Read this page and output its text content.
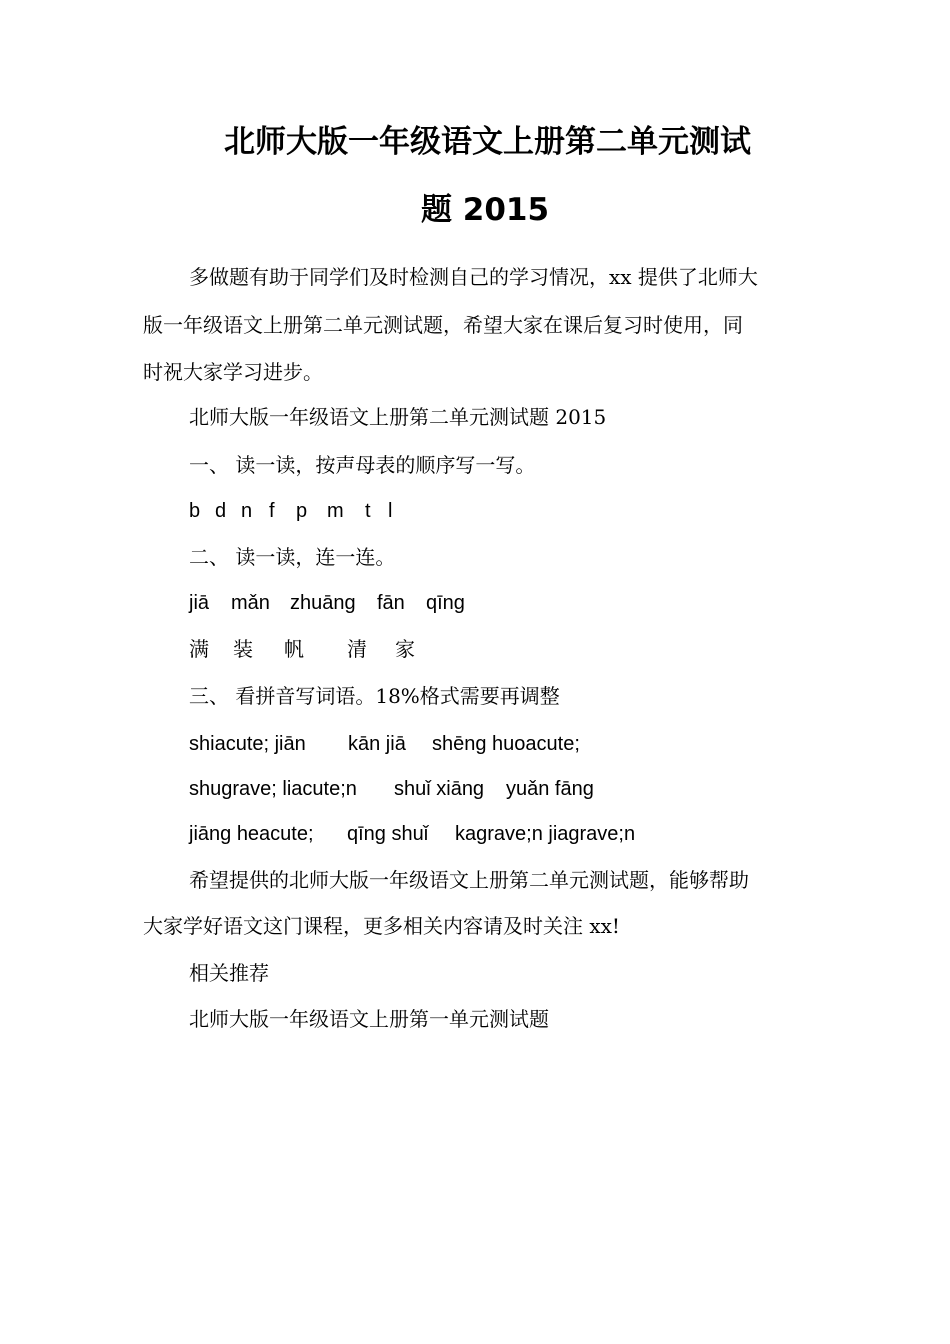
北师大版一年级语文上册第二单元测试
题 2015

多做题有助于同学们及时检测自己的学习情况，xx 提供了北师大

版一年级语文上册第二单元测试题，希望大家在课后复习时使用，同

时祝大家学习进步。

北师大版一年级语文上册第二单元测试题 2015

一、 读一读，按声母表的顺序写一写。

b d n f p m t l

二、 读一读，连一连。

jiā mǎn zhuāng fān qīng
满 装 帆 清 家

三、 看拼音写词语。18%格式需要再调整

shiacute; jiān kān jiā shēng huoacute;
shugrave; liacute;n shuǐ xiāng yuǎn fāng
jiāng heacute; qīng shuǐ kagrave;n jiagrave;n

希望提供的北师大版一年级语文上册第二单元测试题，能够帮助

大家学好语文这门课程，更多相关内容请及时关注 xx!

相关推荐

北师大版一年级语文上册第一单元测试题
